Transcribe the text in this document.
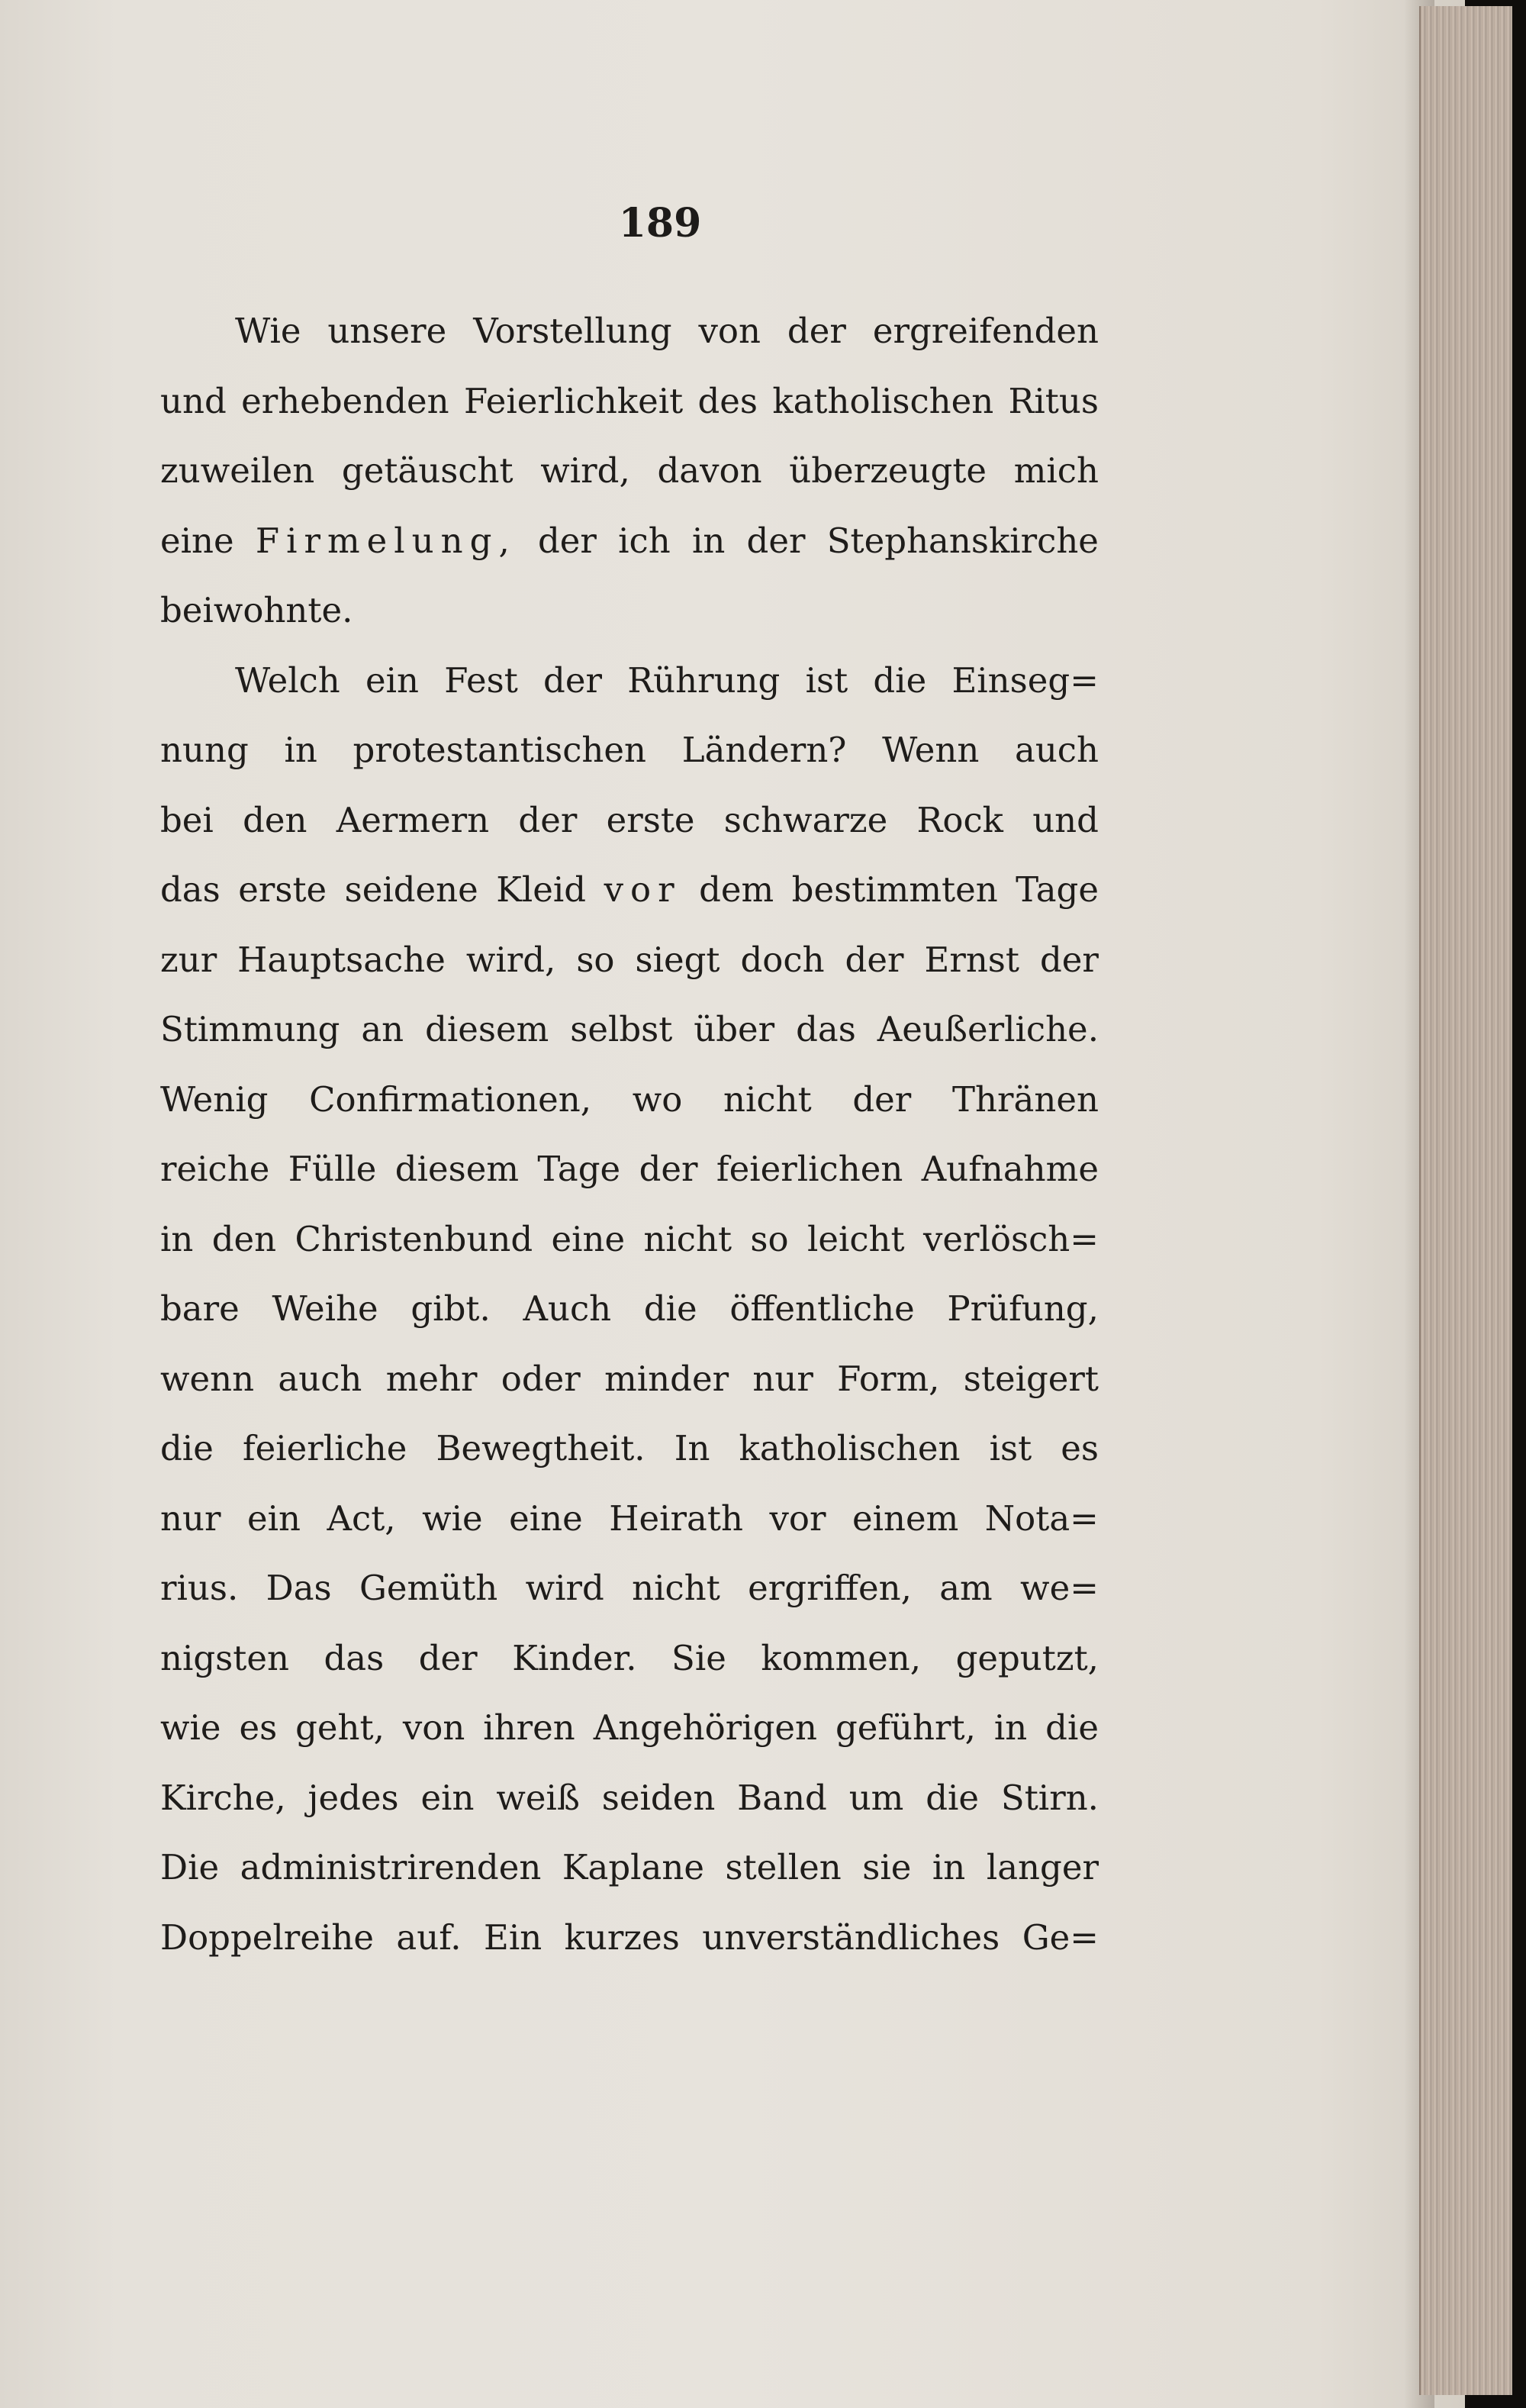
189
Wie unsere Vorstellung von der ergreifenden
und erhebenden Feierlichkeit des katholischen Ritus
zuweilen getäuscht wird, davon überzeugte mich
eine Firmelung, der ich in der Stephanskirche
beiwohnte.
Welch ein Fest der Rührung ist die Einseg=
nung in protestantischen Ländern? Wenn auch
bei den Aermern der erste schwarze Rock und
das erste seidene Kleid vor dem bestimmten Tage
zur Hauptsache wird, so siegt doch der Ernst der
Stimmung an diesem selbst über das Aeußerliche.
Wenig Confirmationen, wo nicht der Thränen
reiche Fülle diesem Tage der feierlichen Aufnahme
in den Christenbund eine nicht so leicht verlösch=
bare Weihe gibt. Auch die öffentliche Prüfung,
wenn auch mehr oder minder nur Form, steigert
die feierliche Bewegtheit. In katholischen ist es
nur ein Act, wie eine Heirath vor einem Nota=
rius. Das Gemüth wird nicht ergriffen, am we=
nigsten das der Kinder. Sie kommen, geputzt,
wie es geht, von ihren Angehörigen geführt, in die
Kirche, jedes ein weiß seiden Band um die Stirn.
Die administrirenden Kaplane stellen sie in langer
Doppelreihe auf. Ein kurzes unverständliches Ge=
